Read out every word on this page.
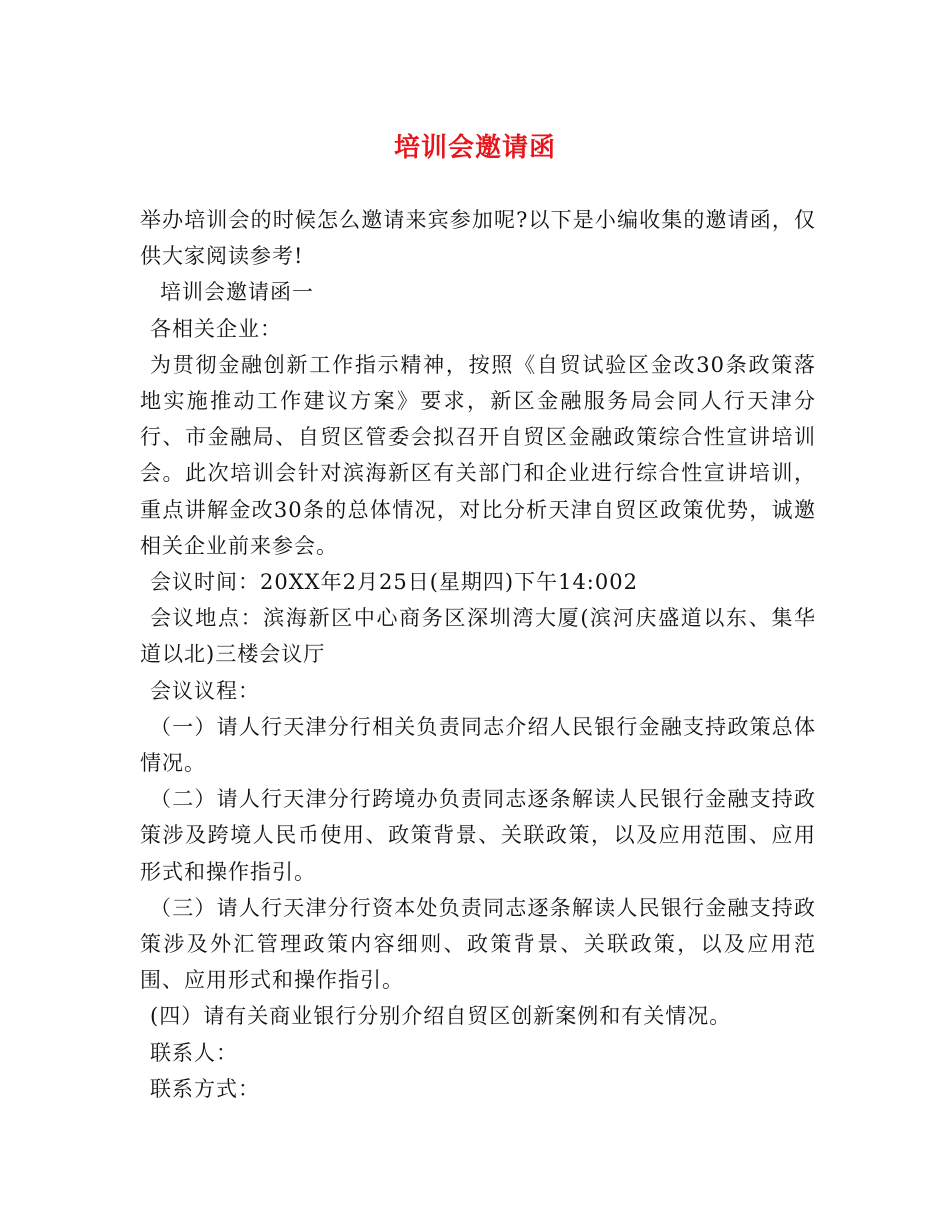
培训会邀请函

举办培训会的时候怎么邀请来宾参加呢?以下是小编收集的邀请函，仅供大家阅读参考!

培训会邀请函一

各相关企业：

为贯彻金融创新工作指示精神，按照《自贸试验区金改30条政策落地实施推动工作建议方案》要求，新区金融服务局会同人行天津分行、市金融局、自贸区管委会拟召开自贸区金融政策综合性宣讲培训会。此次培训会针对滨海新区有关部门和企业进行综合性宣讲培训，重点讲解金改30条的总体情况，对比分析天津自贸区政策优势，诚邀相关企业前来参会。

会议时间：20XX年2月25日(星期四)下午14:002

会议地点：滨海新区中心商务区深圳湾大厦(滨河庆盛道以东、集华道以北)三楼会议厅

会议议程：

（一）请人行天津分行相关负责同志介绍人民银行金融支持政策总体情况。

（二）请人行天津分行跨境办负责同志逐条解读人民银行金融支持政策涉及跨境人民币使用、政策背景、关联政策，以及应用范围、应用形式和操作指引。

（三）请人行天津分行资本处负责同志逐条解读人民银行金融支持政策涉及外汇管理政策内容细则、政策背景、关联政策，以及应用范围、应用形式和操作指引。

(四）请有关商业银行分别介绍自贸区创新案例和有关情况。

联系人：

联系方式：
